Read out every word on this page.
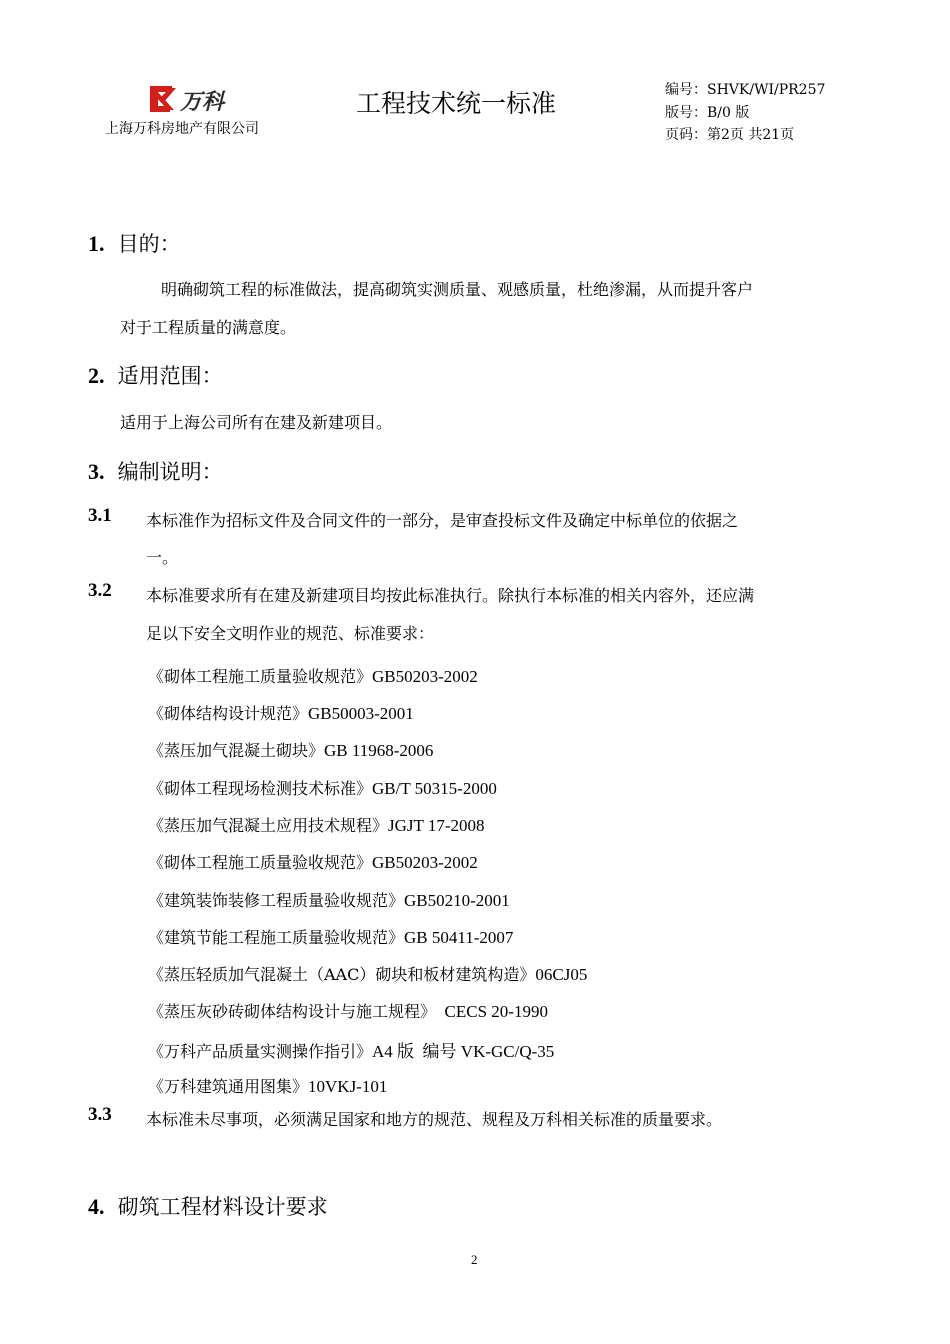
万科
上海万科房地产有限公司
工程技术统一标准	编号：SHVK/WI/PR257
版号：B/0 版
页码：第2页 共21页
1. 目的：
明确砌筑工程的标准做法，提高砌筑实测质量、观感质量，杜绝渗漏，从而提升客户
对于工程质量的满意度。
2. 适用范围：
适用于上海公司所有在建及新建项目。
3. 编制说明：
3.1 本标准作为招标文件及合同文件的一部分，是审查投标文件及确定中标单位的依据之
一。
3.2 本标准要求所有在建及新建项目均按此标准执行。除执行本标准的相关内容外，还应满
足以下安全文明作业的规范、标准要求：
《砌体工程施工质量验收规范》GB50203-2002
《砌体结构设计规范》GB50003-2001
《蒸压加气混凝土砌块》GB 11968-2006
《砌体工程现场检测技术标准》GB/T 50315-2000
《蒸压加气混凝土应用技术规程》JGJT 17-2008
《砌体工程施工质量验收规范》GB50203-2002
《建筑装饰装修工程质量验收规范》GB50210-2001
《建筑节能工程施工质量验收规范》GB 50411-2007
《蒸压轻质加气混凝土（AAC）砌块和板材建筑构造》06CJ05
《蒸压灰砂砖砌体结构设计与施工规程》  CECS 20-1990
《万科产品质量实测操作指引》A4 版  编号 VK-GC/Q-35
《万科建筑通用图集》10VKJ-101
3.3 本标准未尽事项，必须满足国家和地方的规范、规程及万科相关标准的质量要求。
4. 砌筑工程材料设计要求
2
